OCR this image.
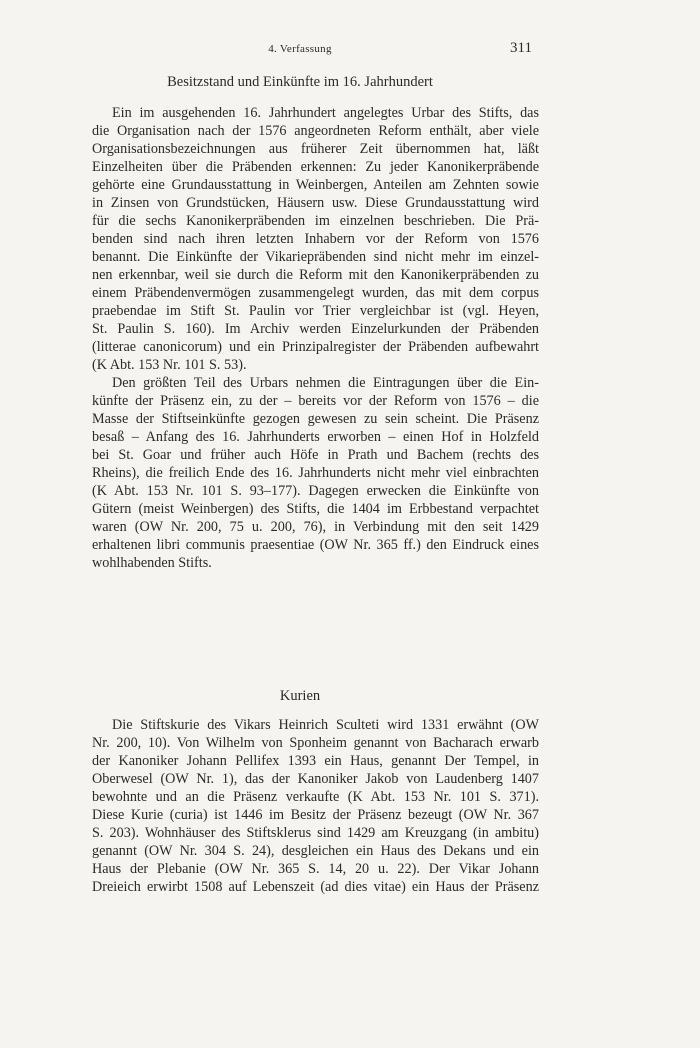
4. Verfassung	311
Besitzstand und Einkünfte im 16. Jahrhundert
Ein im ausgehenden 16. Jahrhundert angelegtes Urbar des Stifts, das
die Organisation nach der 1576 angeordneten Reform enthält, aber viele
Organisationsbezeichnungen aus früherer Zeit übernommen hat, läßt
Einzelheiten über die Präbenden erkennen: Zu jeder Kanonikerpräbende
gehörte eine Grundausstattung in Weinbergen, Anteilen am Zehnten sowie
in Zinsen von Grundstücken, Häusern usw. Diese Grundausstattung wird
für die sechs Kanonikerpräbenden im einzelnen beschrieben. Die Prä-
benden sind nach ihren letzten Inhabern vor der Reform von 1576
benannt. Die Einkünfte der Vikariepräbenden sind nicht mehr im einzel-
nen erkennbar, weil sie durch die Reform mit den Kanonikerpräbenden zu
einem Präbendenvermögen zusammengelegt wurden, das mit dem corpus
praebendae im Stift St. Paulin vor Trier vergleichbar ist (vgl. Heyen,
St. Paulin S. 160). Im Archiv werden Einzelurkunden der Präbenden
(litterae canonicorum) und ein Prinzipalregister der Präbenden aufbewahrt
(K Abt. 153 Nr. 101 S. 53).
Den größten Teil des Urbars nehmen die Eintragungen über die Ein-
künfte der Präsenz ein, zu der – bereits vor der Reform von 1576 – die
Masse der Stiftseinkünfte gezogen gewesen zu sein scheint. Die Präsenz
besaß – Anfang des 16. Jahrhunderts erworben – einen Hof in Holzfeld
bei St. Goar und früher auch Höfe in Prath und Bachem (rechts des
Rheins), die freilich Ende des 16. Jahrhunderts nicht mehr viel einbrachten
(K Abt. 153 Nr. 101 S. 93–177). Dagegen erwecken die Einkünfte von
Gütern (meist Weinbergen) des Stifts, die 1404 im Erbbestand verpachtet
waren (OW Nr. 200, 75 u. 200, 76), in Verbindung mit den seit 1429
erhaltenen libri communis praesentiae (OW Nr. 365 ff.) den Eindruck eines
wohlhabenden Stifts.
Kurien
Die Stiftskurie des Vikars Heinrich Sculteti wird 1331 erwähnt (OW
Nr. 200, 10). Von Wilhelm von Sponheim genannt von Bacharach erwarb
der Kanoniker Johann Pellifex 1393 ein Haus, genannt Der Tempel, in
Oberwesel (OW Nr. 1), das der Kanoniker Jakob von Laudenberg 1407
bewohnte und an die Präsenz verkaufte (K Abt. 153 Nr. 101 S. 371).
Diese Kurie (curia) ist 1446 im Besitz der Präsenz bezeugt (OW Nr. 367
S. 203). Wohnhäuser des Stiftsklerus sind 1429 am Kreuzgang (in ambitu)
genannt (OW Nr. 304 S. 24), desgleichen ein Haus des Dekans und ein
Haus der Plebanie (OW Nr. 365 S. 14, 20 u. 22). Der Vikar Johann
Dreieich erwirbt 1508 auf Lebenszeit (ad dies vitae) ein Haus der Präsenz
